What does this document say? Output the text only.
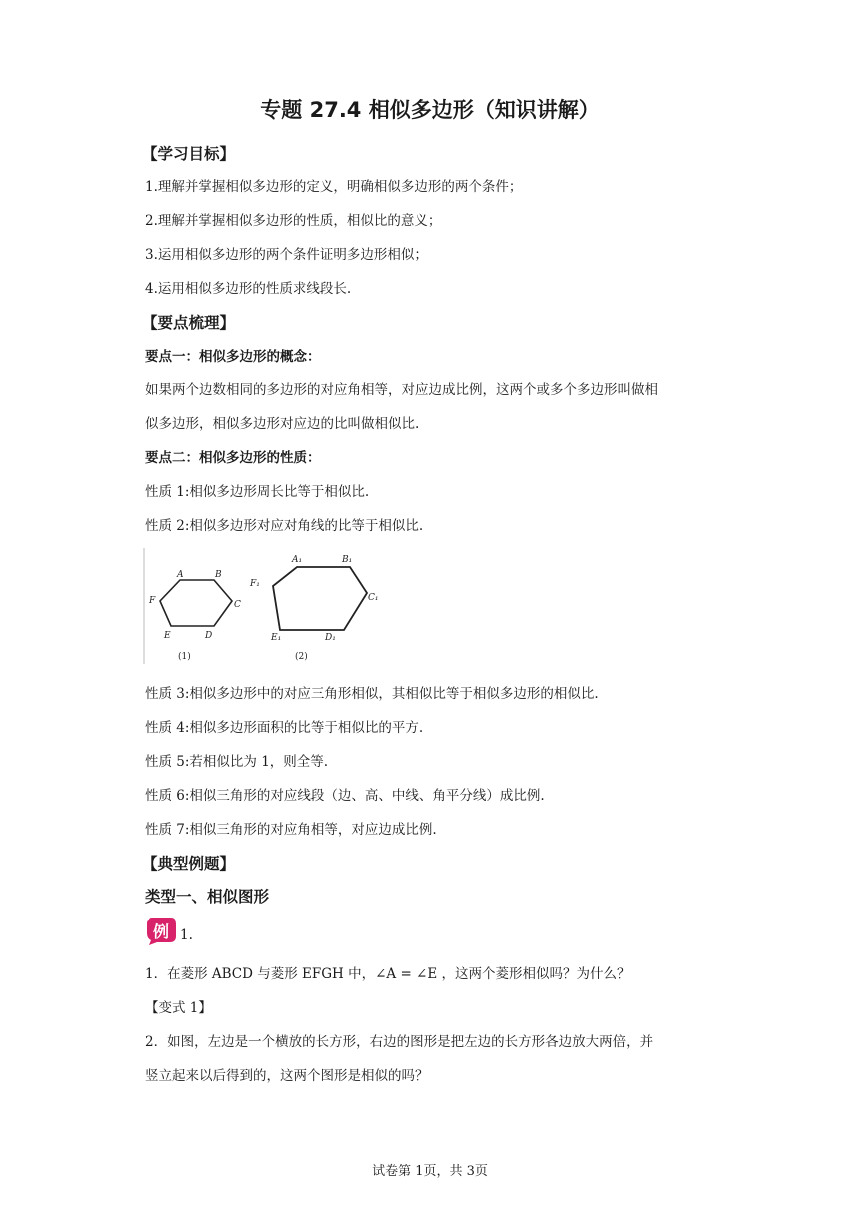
专题 27.4 相似多边形（知识讲解）
【学习目标】
1.理解并掌握相似多边形的定义，明确相似多边形的两个条件；
2.理解并掌握相似多边形的性质，相似比的意义；
3.运用相似多边形的两个条件证明多边形相似；
4.运用相似多边形的性质求线段长.
【要点梳理】
要点一：相似多边形的概念：
如果两个边数相同的多边形的对应角相等，对应边成比例，这两个或多个多边形叫做相
似多边形，相似多边形对应边的比叫做相似比.
要点二：相似多边形的性质：
性质 1:相似多边形周长比等于相似比.
性质 2:相似多边形对应对角线的比等于相似比.
A	B
C
D
E
F
A₁	B₁
C₁
D₁
E₁
F₁
(1)	(2)
性质 3:相似多边形中的对应三角形相似，其相似比等于相似多边形的相似比.
性质 4:相似多边形面积的比等于相似比的平方.
性质 5:若相似比为 1，则全等.
性质 6:相似三角形的对应线段（边、高、中线、角平分线）成比例.
性质 7:相似三角形的对应角相等，对应边成比例.
【典型例题】
类型一、相似图形
例 1.
1．在菱形 ABCD 与菱形 EFGH 中，∠A = ∠E ，这两个菱形相似吗？为什么？
【变式 1】
2．如图，左边是一个横放的长方形，右边的图形是把左边的长方形各边放大两倍，并
竖立起来以后得到的，这两个图形是相似的吗？
试卷第 1页，共 3页
